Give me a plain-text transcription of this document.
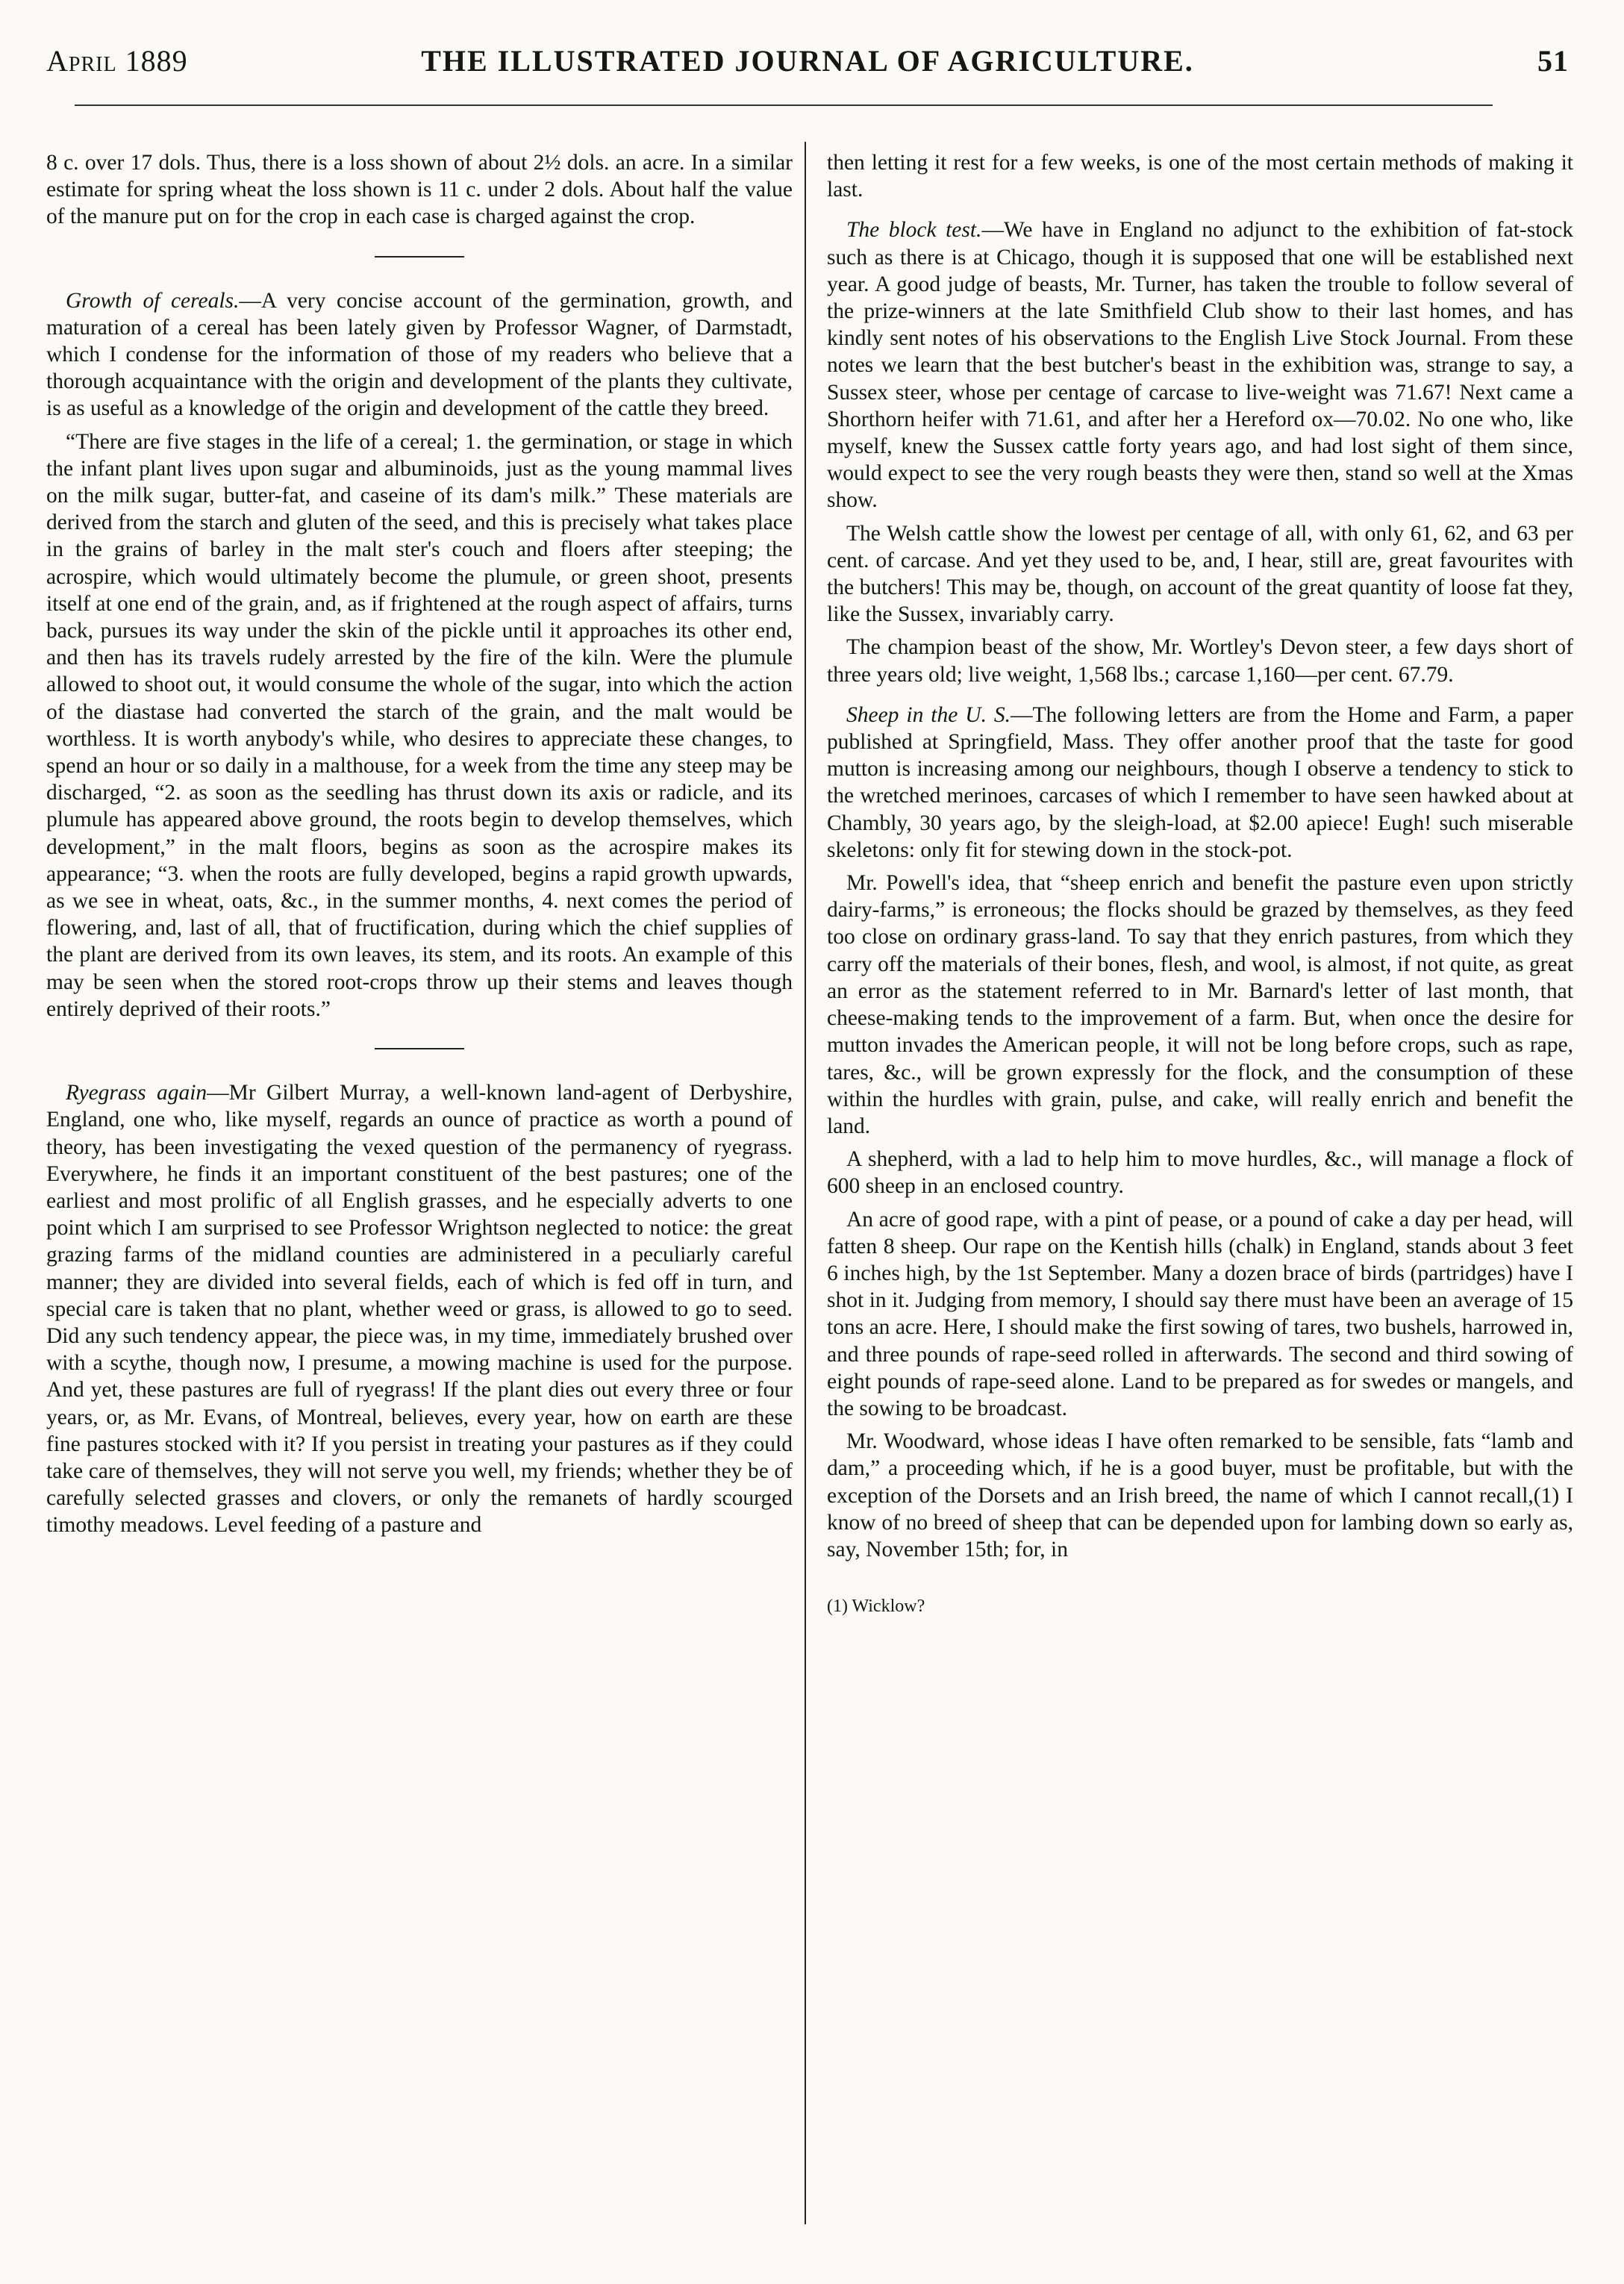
April 1889	THE ILLUSTRATED JOURNAL OF AGRICULTURE.	51

8 c. over 17 dols. Thus, there is a loss shown of about 2½ dols. an acre. In a similar estimate for spring wheat the loss shown is 11 c. under 2 dols. About half the value of the manure put on for the crop in each case is charged against the crop.

Growth of cereals.—A very concise account of the germination, growth, and maturation of a cereal has been lately given by Professor Wagner, of Darmstadt, which I condense for the information of those of my readers who believe that a thorough acquaintance with the origin and development of the plants they cultivate, is as useful as a knowledge of the origin and development of the cattle they breed.

“There are five stages in the life of a cereal; 1. the germination, or stage in which the infant plant lives upon sugar and albuminoids, just as the young mammal lives on the milk sugar, butter-fat, and caseine of its dam's milk.” These materials are derived from the starch and gluten of the seed, and this is precisely what takes place in the grains of barley in the malt ster's couch and floers after steeping; the acrospire, which would ultimately become the plumule, or green shoot, presents itself at one end of the grain, and, as if frightened at the rough aspect of affairs, turns back, pursues its way under the skin of the pickle until it approaches its other end, and then has its travels rudely arrested by the fire of the kiln. Were the plumule allowed to shoot out, it would consume the whole of the sugar, into which the action of the diastase had converted the starch of the grain, and the malt would be worthless. It is worth anybody's while, who desires to appreciate these changes, to spend an hour or so daily in a malthouse, for a week from the time any steep may be discharged, “2. as soon as the seedling has thrust down its axis or radicle, and its plumule has appeared above ground, the roots begin to develop themselves, which development,” in the malt floors, begins as soon as the acrospire makes its appearance; “3. when the roots are fully developed, begins a rapid growth upwards, as we see in wheat, oats, &c., in the summer months, 4. next comes the period of flowering, and, last of all, that of fructification, during which the chief supplies of the plant are derived from its own leaves, its stem, and its roots. An example of this may be seen when the stored root-crops throw up their stems and leaves though entirely deprived of their roots.”

Ryegrass again—Mr Gilbert Murray, a well-known land-agent of Derbyshire, England, one who, like myself, regards an ounce of practice as worth a pound of theory, has been investigating the vexed question of the permanency of ryegrass. Everywhere, he finds it an important constituent of the best pastures; one of the earliest and most prolific of all English grasses, and he especially adverts to one point which I am surprised to see Professor Wrightson neglected to notice: the great grazing farms of the midland counties are administered in a peculiarly careful manner; they are divided into several fields, each of which is fed off in turn, and special care is taken that no plant, whether weed or grass, is allowed to go to seed. Did any such tendency appear, the piece was, in my time, immediately brushed over with a scythe, though now, I presume, a mowing machine is used for the purpose. And yet, these pastures are full of ryegrass! If the plant dies out every three or four years, or, as Mr. Evans, of Montreal, believes, every year, how on earth are these fine pastures stocked with it? If you persist in treating your pastures as if they could take care of themselves, they will not serve you well, my friends; whether they be of carefully selected grasses and clovers, or only the remanets of hardly scourged timothy meadows. Level feeding of a pasture and

then letting it rest for a few weeks, is one of the most certain methods of making it last.

The block test.—We have in England no adjunct to the exhibition of fat-stock such as there is at Chicago, though it is supposed that one will be established next year. A good judge of beasts, Mr. Turner, has taken the trouble to follow several of the prize-winners at the late Smithfield Club show to their last homes, and has kindly sent notes of his observations to the English Live Stock Journal. From these notes we learn that the best butcher's beast in the exhibition was, strange to say, a Sussex steer, whose per centage of carcase to live-weight was 71.67! Next came a Shorthorn heifer with 71.61, and after her a Hereford ox—70.02. No one who, like myself, knew the Sussex cattle forty years ago, and had lost sight of them since, would expect to see the very rough beasts they were then, stand so well at the Xmas show.

The Welsh cattle show the lowest per centage of all, with only 61, 62, and 63 per cent. of carcase. And yet they used to be, and, I hear, still are, great favourites with the butchers! This may be, though, on account of the great quantity of loose fat they, like the Sussex, invariably carry.

The champion beast of the show, Mr. Wortley's Devon steer, a few days short of three years old; live weight, 1,568 lbs.; carcase 1,160—per cent. 67.79.

Sheep in the U. S.—The following letters are from the Home and Farm, a paper published at Springfield, Mass. They offer another proof that the taste for good mutton is increasing among our neighbours, though I observe a tendency to stick to the wretched merinoes, carcases of which I remember to have seen hawked about at Chambly, 30 years ago, by the sleigh-load, at $2.00 apiece! Eugh! such miserable skeletons: only fit for stewing down in the stock-pot.

Mr. Powell's idea, that “sheep enrich and benefit the pasture even upon strictly dairy-farms,” is erroneous; the flocks should be grazed by themselves, as they feed too close on ordinary grass-land. To say that they enrich pastures, from which they carry off the materials of their bones, flesh, and wool, is almost, if not quite, as great an error as the statement referred to in Mr. Barnard's letter of last month, that cheese-making tends to the improvement of a farm. But, when once the desire for mutton invades the American people, it will not be long before crops, such as rape, tares, &c., will be grown expressly for the flock, and the consumption of these within the hurdles with grain, pulse, and cake, will really enrich and benefit the land.

A shepherd, with a lad to help him to move hurdles, &c., will manage a flock of 600 sheep in an enclosed country.

An acre of good rape, with a pint of pease, or a pound of cake a day per head, will fatten 8 sheep. Our rape on the Kentish hills (chalk) in England, stands about 3 feet 6 inches high, by the 1st September. Many a dozen brace of birds (partridges) have I shot in it. Judging from memory, I should say there must have been an average of 15 tons an acre. Here, I should make the first sowing of tares, two bushels, harrowed in, and three pounds of rape-seed rolled in afterwards. The second and third sowing of eight pounds of rape-seed alone. Land to be prepared as for swedes or mangels, and the sowing to be broadcast.

Mr. Woodward, whose ideas I have often remarked to be sensible, fats “lamb and dam,” a proceeding which, if he is a good buyer, must be profitable, but with the exception of the Dorsets and an Irish breed, the name of which I cannot recall,(1) I know of no breed of sheep that can be depended upon for lambing down so early as, say, November 15th; for, in

(1) Wicklow?
